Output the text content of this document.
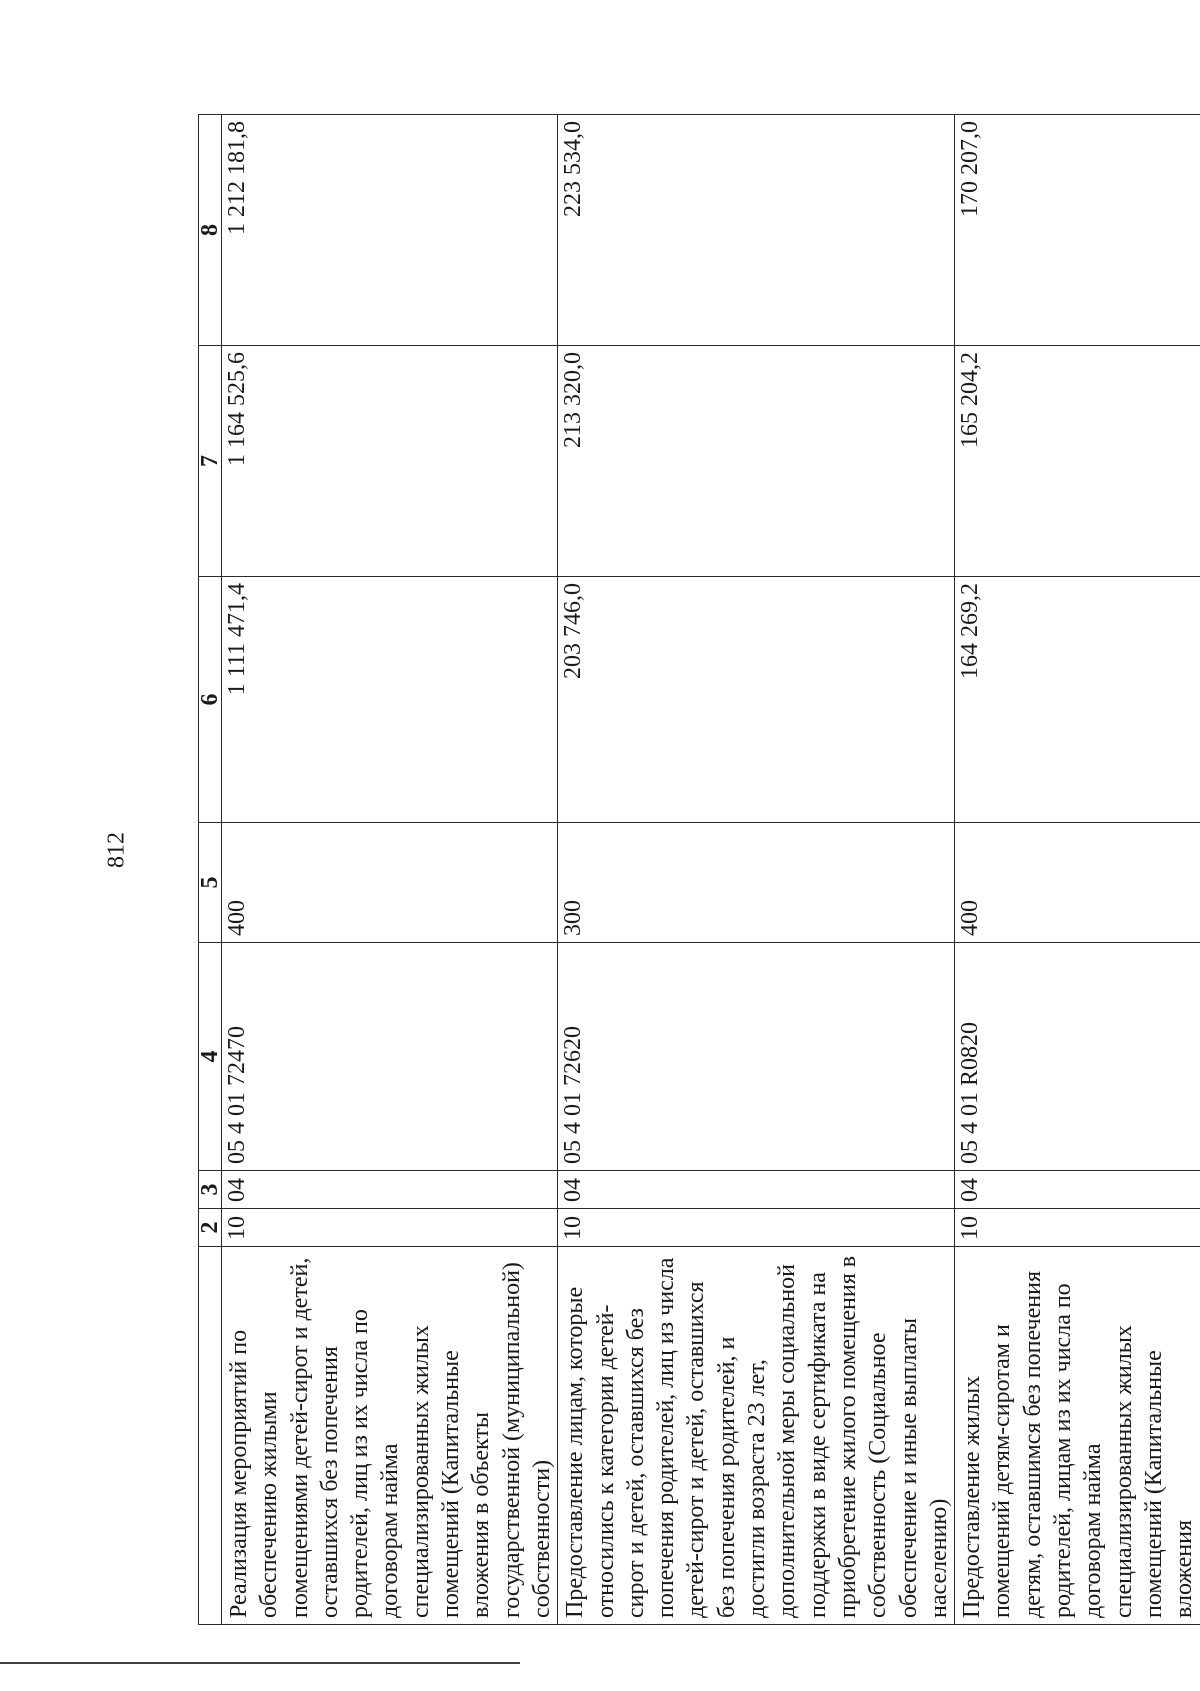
812
	2	3	4	5	6	7	8
Реализация мероприятий по обеспечению жилыми помещениями детей-сирот и детей, оставшихся без попечения родителей, лиц из их числа по договорам найма специализированных жилых помещений (Капитальные вложения в объекты государственной (муниципальной) собственности)	10	04	05 4 01 72470	400	1 111 471,4	1 164 525,6	1 212 181,8
Предоставление лицам, которые относились к категории детей-сирот и детей, оставшихся без попечения родителей, лиц из числа детей-сирот и детей, оставшихся без попечения родителей, и достигли возраста 23 лет, дополнительной меры социальной поддержки в виде сертификата на приобретение жилого помещения в собственность (Социальное обеспечение и иные выплаты населению)	10	04	05 4 01 72620	300	203 746,0	213 320,0	223 534,0
Предоставление жилых помещений детям-сиротам и детям, оставшимся без попечения родителей, лицам из их числа по договорам найма специализированных жилых помещений (Капитальные вложения	10	04	05 4 01 R0820	400	164 269,2	165 204,2	170 207,0
